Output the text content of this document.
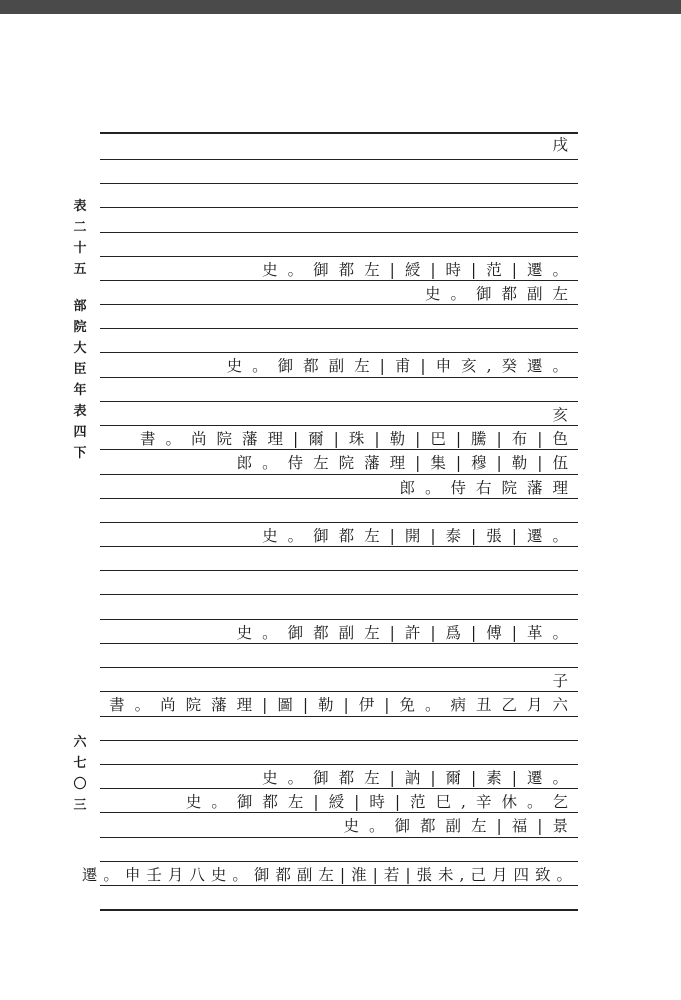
表
二
十
五
部
院
大
臣
年
表
四
下
六
七
〇
三
戌
史。御都左|綬|時|范|遷。
史。御都副左
史。御都副左|甫|申亥,癸遷。
亥
書。尚院藩理|爾|珠|勒|巴|騰|布|色
郎。侍左院藩理|集|穆|勒|伍
郎。侍右院藩理
史。御都左|開|泰|張|遷。
史。御都副左|許|爲|傅|革。
子
書。尚院藩理|圖|勒|伊|免。病丑乙月六
史。御都左|訥|爾|素|遷。
史。御都左|綬|時|范巳,辛休。乞
史。御都副左|福|景
遷。申壬月八史。御都副左|淮|若|張未,己月四致。
